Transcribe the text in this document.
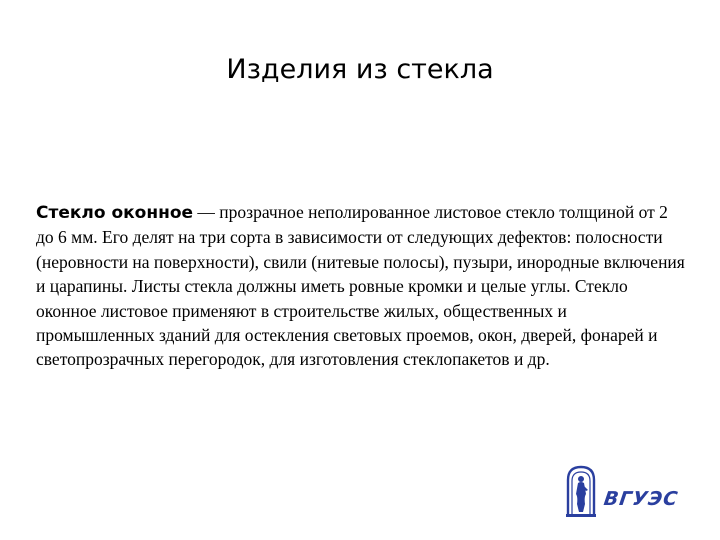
Изделия из стекла

Стекло оконное — прозрачное неполированное листовое стекло толщиной от 2 до 6 мм. Его делят на три сорта в зависимости от следующих дефектов: полосности (неровности на поверхности), свили (нитевые полосы), пузыри, инородные включения и царапины. Листы стекла должны иметь ровные кромки и целые углы. Стекло оконное листовое применяют в строительстве жилых, общественных и промышленных зданий для остекления световых проемов, окон, дверей, фонарей и светопрозрачных перегородок, для изготовления стеклопакетов и др.

ВГУЭС
